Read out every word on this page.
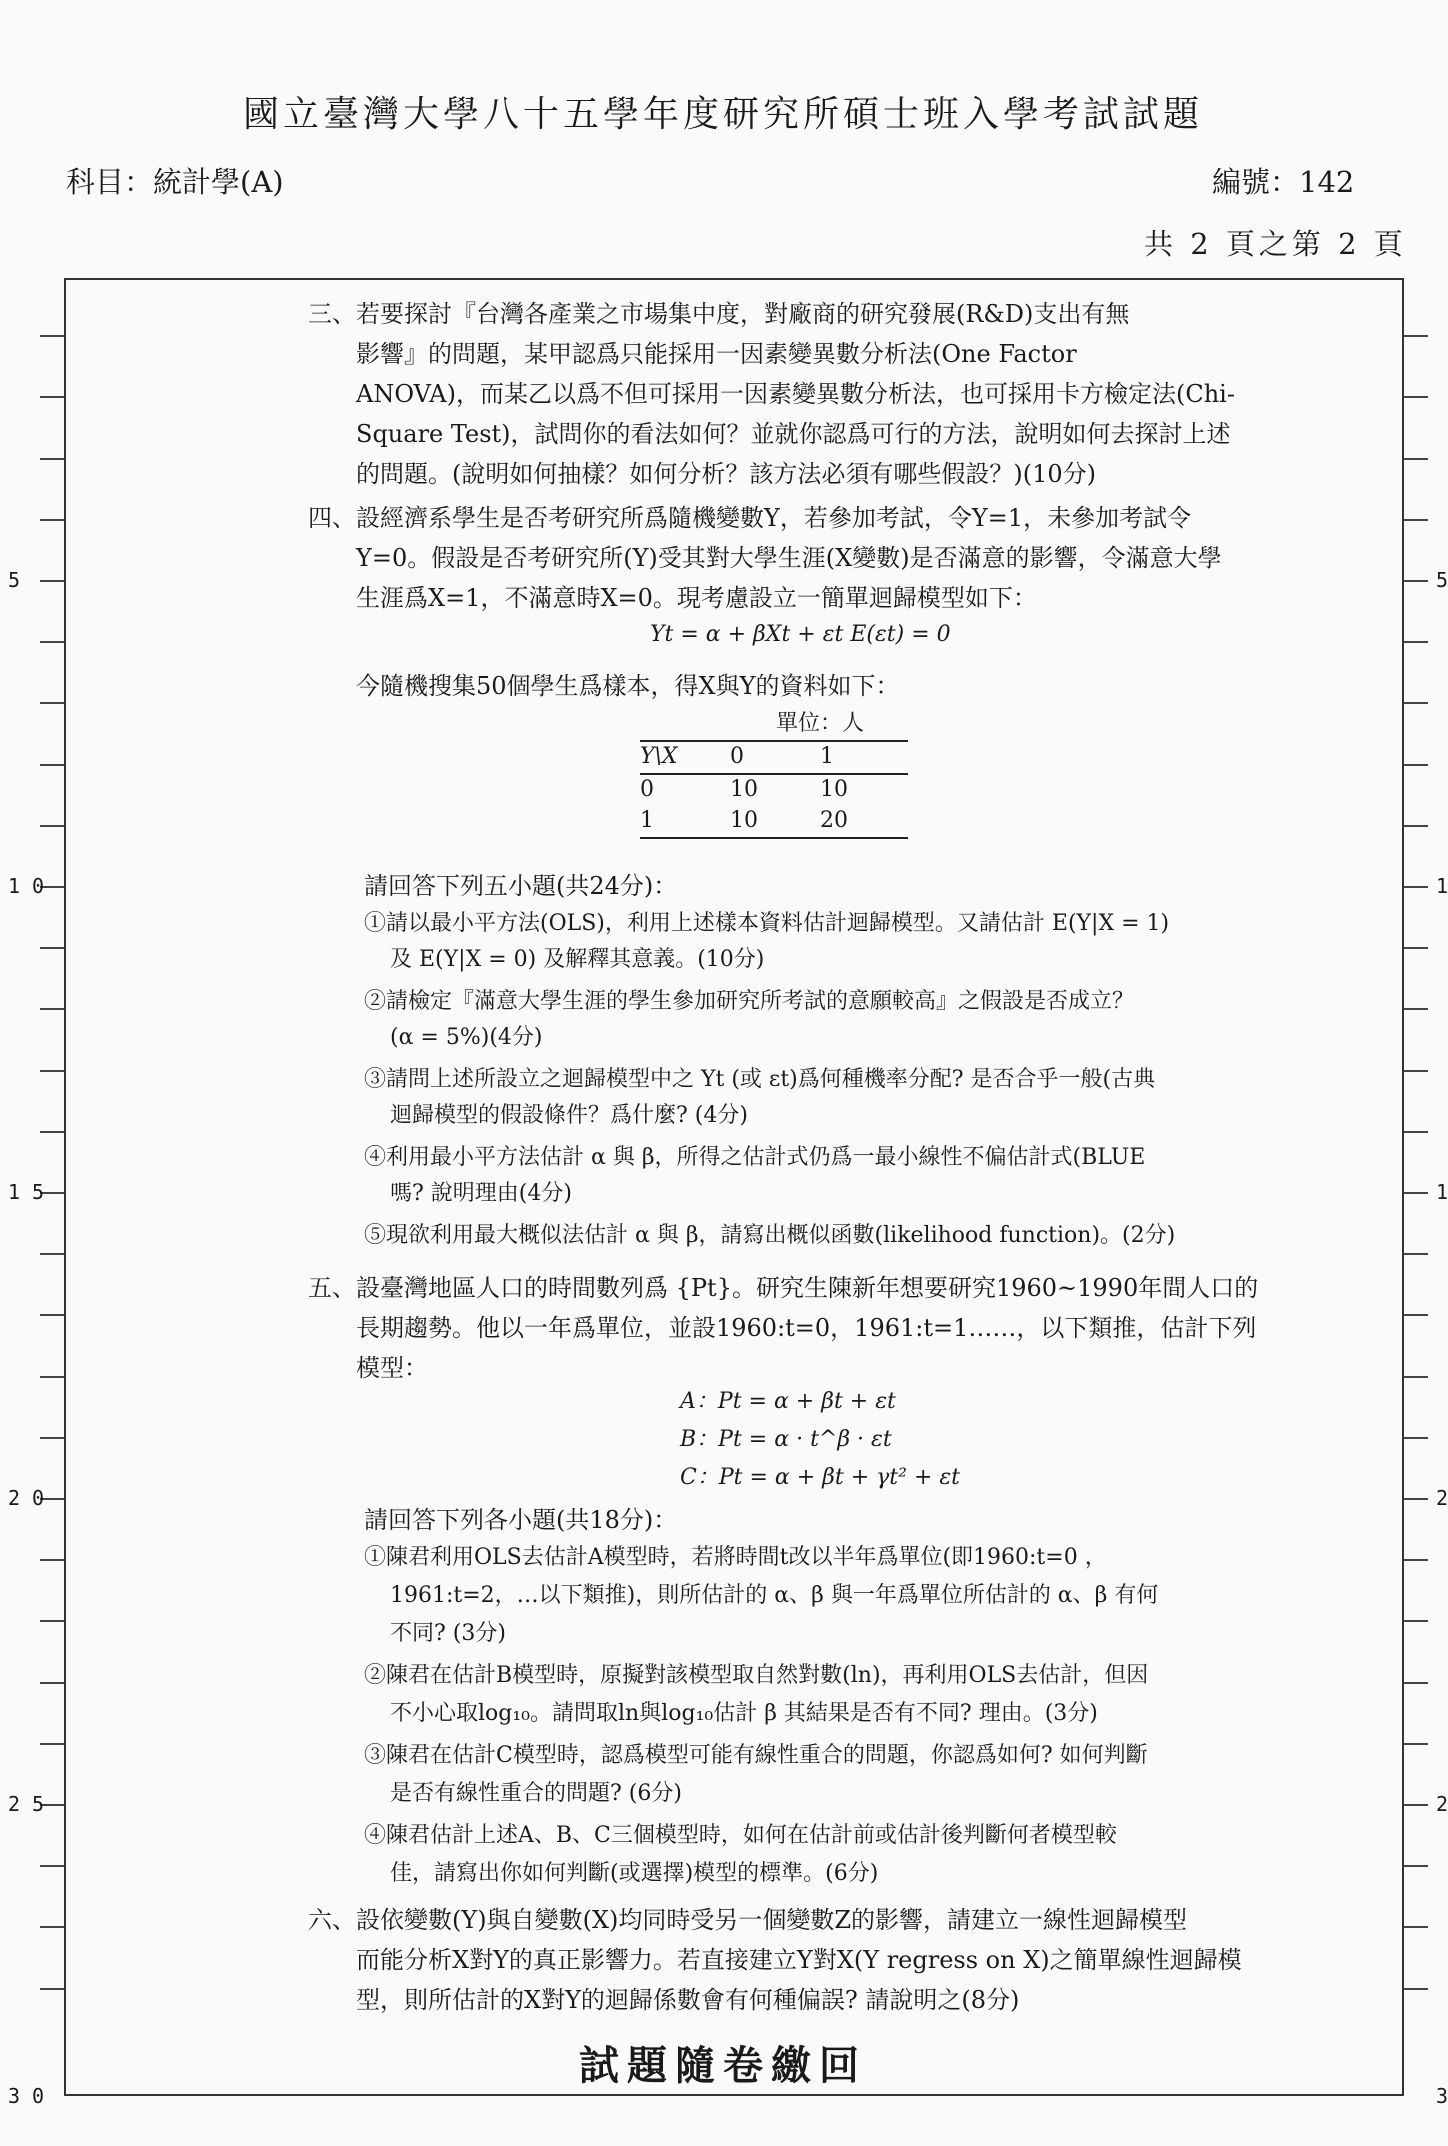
國立臺灣大學八十五學年度研究所碩士班入學考試試題
科目：統計學(A)	編號：142
共 2 頁之第 2 頁
5
10
15
20
25
30
5
1
1
2
2
3
三、 若要探討『台灣各產業之市場集中度，對廠商的研究發展(R&D)支出有無
影響』的問題，某甲認爲只能採用一因素變異數分析法(One Factor
ANOVA)，而某乙以爲不但可採用一因素變異數分析法，也可採用卡方檢定法(Chi-
Square Test)，試問你的看法如何？並就你認爲可行的方法，說明如何去探討上述
的問題。(說明如何抽樣？如何分析？該方法必須有哪些假設？)(10分)
四、 設經濟系學生是否考研究所爲隨機變數Y，若參加考試，令Y=1，未參加考試令
Y=0。假設是否考研究所(Y)受其對大學生涯(X變數)是否滿意的影響，令滿意大學
生涯爲X=1，不滿意時X=0。現考慮設立一簡單迴歸模型如下：
Yt = α + βXt + εt E(εt) = 0
今隨機搜集50個學生爲樣本，得X與Y的資料如下：
單位：人
Y\X	0	1
0	10	10
1	10	20
請回答下列五小題(共24分)：
①請以最小平方法(OLS)，利用上述樣本資料估計迴歸模型。又請估計 E(Y|X = 1)
及 E(Y|X = 0) 及解釋其意義。(10分)
②請檢定『滿意大學生涯的學生參加研究所考試的意願較高』之假設是否成立？
(α = 5%)(4分)
③請問上述所設立之迴歸模型中之 Yt (或 εt)爲何種機率分配? 是否合乎一般(古典
迴歸模型的假設條件？爲什麼? (4分)
④利用最小平方法估計 α 與 β，所得之估計式仍爲一最小線性不偏估計式(BLUE
嗎? 說明理由(4分)
⑤現欲利用最大概似法估計 α 與 β，請寫出概似函數(likelihood function)。(2分)
五、 設臺灣地區人口的時間數列爲 {Pt}。研究生陳新年想要研究1960~1990年間人口的
長期趨勢。他以一年爲單位，並設1960:t=0，1961:t=1……，以下類推，估計下列
模型：
A：Pt = α + βt + εt
B：Pt = α · t^β · εt
C：Pt = α + βt + γt² + εt
請回答下列各小題(共18分)：
①陳君利用OLS去估計A模型時，若將時間t改以半年爲單位(即1960:t=0 ，
1961:t=2，…以下類推)，則所估計的 α、β 與一年爲單位所估計的 α、β 有何
不同? (3分)
②陳君在估計B模型時，原擬對該模型取自然對數(ln)，再利用OLS去估計，但因
不小心取log₁₀。請問取ln與log₁₀估計 β 其結果是否有不同? 理由。(3分)
③陳君在估計C模型時，認爲模型可能有線性重合的問題，你認爲如何? 如何判斷
是否有線性重合的問題? (6分)
④陳君估計上述A、B、C三個模型時，如何在估計前或估計後判斷何者模型較
佳，請寫出你如何判斷(或選擇)模型的標準。(6分)
六、 設依變數(Y)與自變數(X)均同時受另一個變數Z的影響，請建立一線性迴歸模型
而能分析X對Y的真正影響力。若直接建立Y對X(Y regress on X)之簡單線性迴歸模
型，則所估計的X對Y的迴歸係數會有何種偏誤? 請說明之(8分)
試題隨卷繳回
